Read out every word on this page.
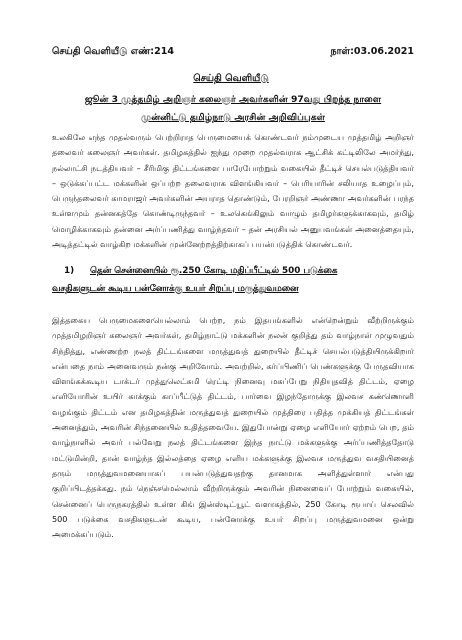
செய்தி வெளியீடு எண்:214	நாள்:03.06.2021
செய்தி வெளியீடு
ஜூன் 3 முத்தமிழ் அறிஞர் கலைஞர் அவர்களின் 97வது பிறந்த நாளை
முன்னிட்டு தமிழ்நாடு அரசின் அறிவிப்புகள்
உலகிலே எந்த முதல்வரும் பெற்றிராத பெருமையைக் கொண்டவர் நம்முடைய முத்தமிழ் அறிஞர் தலைவர் கலைஞர் அவர்கள். தமிழகத்தில் ஐந்து முறை முதல்வராக ஆட்சிக் கட்டிலிலே அமர்ந்து, நல்லாட்சி நடத்தியவர் – சீரிமிகு திட்டங்களை பாரேபோற்றும் வகையில் தீட்டிச் செயல்படுத்தியவர் – ஒடுக்கப்பட்ட மக்களின் ஒப்பற்ற தலைவராக விளங்கியவர் – பெரியாரின் சலியாத உழைப்பும், பெருந்தலைவர் காமராஜர் அவர்களின் அயராத தொண்டும், பேரறிஞர் அண்ணா அவர்களின் பரந்த உள்ளமும் தன்னகத்தே கொண்டிருந்தவர் – உலகெங்கிலும் வாழும் தமிழர்களுக்காகவும், தமிழ் மொழிக்காகவும் தன்னை அர்ப்பணித்து வாழ்ந்தவர் – தன் அரசியல் அனுபவங்கள் அனைத்தையும், அடித்தட்டில் வாழ்கிற மக்களின் முன்னேற்றத்திற்காகப் பயன்படுத்திக் கொண்டவர்.
1) தென் சென்னையில் ரூ.250 கோடி மதிப்பீட்டில் 500 படுக்கை
வசதிகளுடன் கூடிய பன்னோக்கு உயர் சிறப்பு மருத்துவமனை
இத்தகைய பெருமைகளையெல்லாம் பெற்ற, நம் இதயங்களில் என்றென்றும் வீற்றிருக்கும் முத்தமிழறிஞர் கலைஞர் அவர்கள், தமிழ்நாட்டு மக்களின் நலன் குறித்து தம் வாழ்நாள் முழுவதும் சிந்தித்து, எண்ணற்ற நலத் திட்டங்களை மருத்துவத் துறையில் தீட்டிச் செயல்படுத்தியிருக்கிறார் என்பதை நாம் அனைவரும் நன்கு அறிவோம். அவற்றில், கர்ப்பிணிப் பெண்களுக்கு பேருதவியாக விளங்கக்கூடிய டாக்டர் முத்துலெட்சுமி ரெட்டி நினைவு மகப்பேறு நிதியுதவித் திட்டம், ஏழை எளியோரின் உயிர் காக்கும் காப்பீட்டுத் திட்டம், பார்வை இழந்தோருக்கு இலவச கண்ணொளி வழங்கும் திட்டம் என தமிழகத்தின் மருத்துவத் துறையில் முத்திரை பதித்த முக்கியத் திட்டங்கள் அனைத்தும், அவரின் சிந்தனையில் உதித்தவையே. இதுபோன்று ஏழை எளியோர் ஏற்றம் பெற, தம் வாழ்நாளில் அவர் பல்வேறு நலத் திட்டங்களை இந்த நாட்டு மக்களுக்கு அர்ப்பணித்ததோடு மட்டுமின்றி, தான் வாழ்ந்த இல்லத்தை ஏழை எளிய மக்களுக்கு இலவச மருத்துவ வசதியினைத் தரும் மருத்துவமனையாகப் பயன்படுத்துவதற்கு தானமாக அளித்துள்ளார் என்பது குறிப்பிடத்தக்கது. நம் நெஞ்சமெல்லாம் வீற்றிருக்கும் அவரின் நினைவைப் போற்றும் வகையில், சென்னைப் பெருநகரத்தில் உள்ள கிங் இன்ஸ்டிட்யூட் வளாகத்தில், 250 கோடி ரூபாய் செலவில் 500 படுக்கை வசதிகளுடன் கூடிய, பன்னோக்கு உயர் சிறப்பு மருத்துவமனை ஒன்று அமைக்கப்படும்.
